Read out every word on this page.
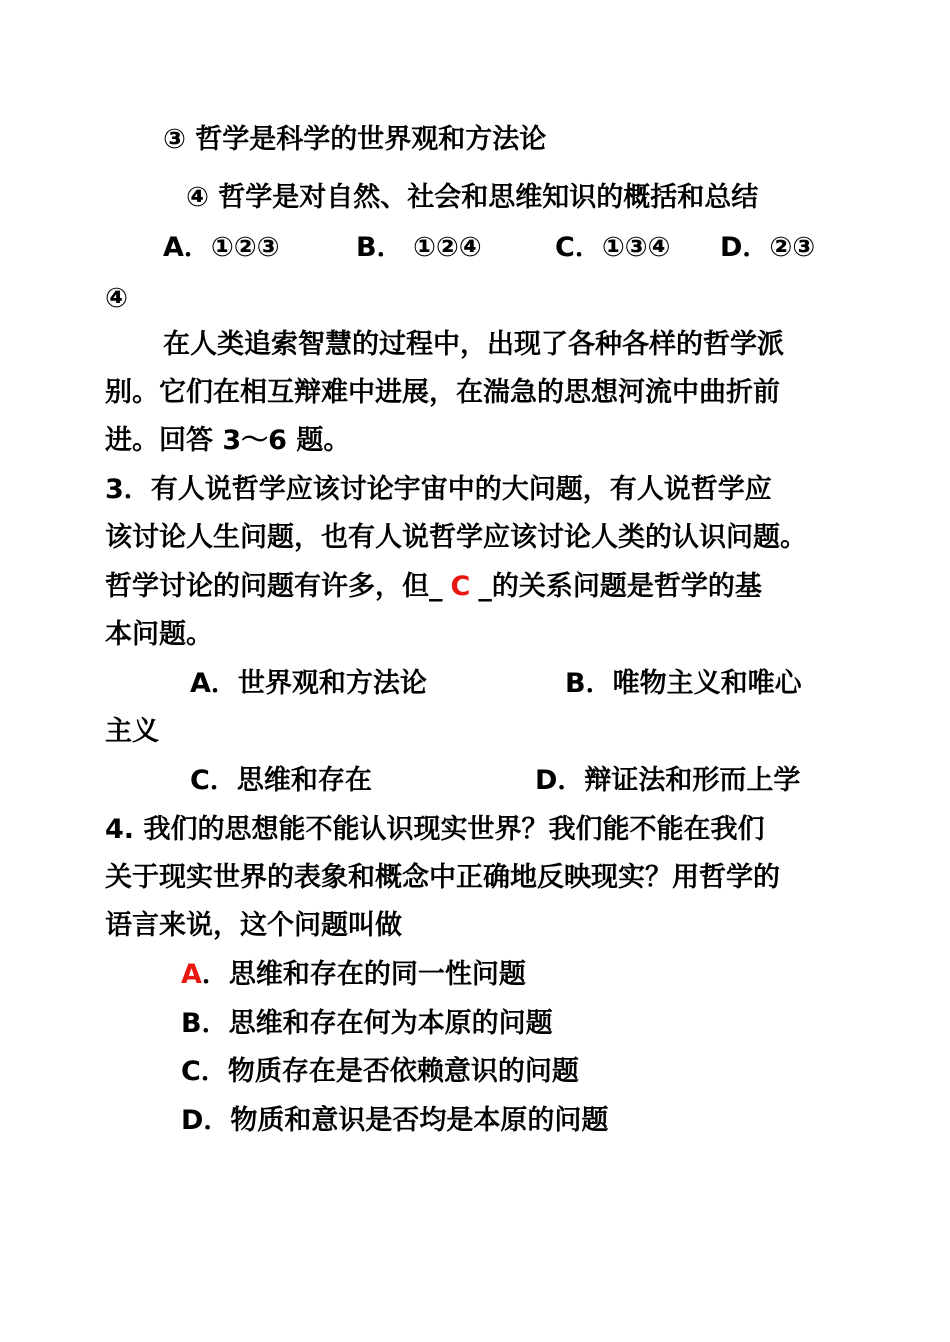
③ 哲学是科学的世界观和方法论
④ 哲学是对自然、社会和思维知识的概括和总结
A．①②③	B． ①②④	C．①③④ D．②③
④
在人类追索智慧的过程中，出现了各种各样的哲学派
别。它们在相互辩难中进展，在湍急的思想河流中曲折前
进。回答 3～6 题。
3．有人说哲学应该讨论宇宙中的大问题，有人说哲学应
该讨论人生问题，也有人说哲学应该讨论人类的认识问题。
哲学讨论的问题有许多，但_ C _的关系问题是哲学的基
本问题。
A．世界观和方法论	B．唯物主义和唯心
主义
C．思维和存在	D．辩证法和形而上学
4. 我们的思想能不能认识现实世界？我们能不能在我们
关于现实世界的表象和概念中正确地反映现实？用哲学的
语言来说，这个问题叫做
A．思维和存在的同一性问题
B．思维和存在何为本原的问题
C．物质存在是否依赖意识的问题
D．物质和意识是否均是本原的问题
